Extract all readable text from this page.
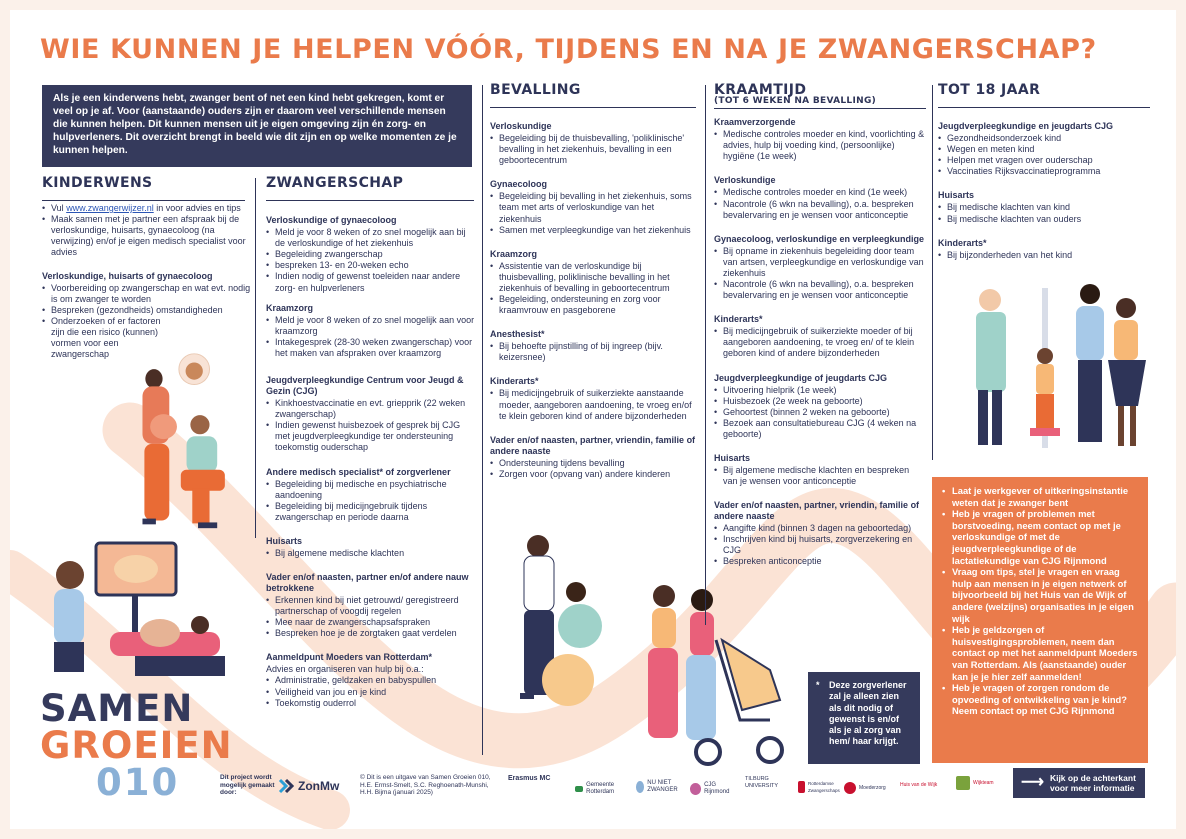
WIE KUNNEN JE HELPEN VÓÓR, TIJDENS EN NA JE ZWANGERSCHAP?
Als je een kinderwens hebt, zwanger bent of net een kind hebt gekregen, komt er veel op je af. Voor (aanstaande) ouders zijn er daarom veel verschillende mensen die kunnen helpen. Dit kunnen mensen uit je eigen omgeving zijn én zorg- en hulpverleners. Dit overzicht brengt in beeld wie dit zijn en op welke momenten ze je kunnen helpen.
KINDERWENS
• Vul www.zwangerwijzer.nl in voor advies en tips
• Maak samen met je partner een afspraak bij de verloskundige, huisarts, gynaecoloog (na verwijzing) en/of je eigen medisch specialist voor advies
Verloskundige, huisarts of gynaecoloog
• Voorbereiding op zwangerschap en wat evt. nodig is om zwanger te worden
• Bespreken (gezondheids) omstandigheden
• Onderzoeken of er factoren zijn die een risico (kunnen) vormen voor een zwangerschap
SAMEN
GROEIEN
010
ZWANGERSCHAP
Verloskundige of gynaecoloog
• Meld je voor 8 weken of zo snel mogelijk aan bij de verloskundige of het ziekenhuis
• Begeleiding zwangerschap
• bespreken 13- en 20-weken echo
• Indien nodig of gewenst toeleiden naar andere zorg- en hulpverleners
Kraamzorg
• Meld je voor 8 weken of zo snel mogelijk aan voor kraamzorg
• Intakegesprek (28-30 weken zwangerschap) voor het maken van afspraken over kraamzorg
Jeugdverpleegkundige Centrum voor Jeugd & Gezin (CJG)
• Kinkhoestvaccinatie en evt. griepprik (22 weken zwangerschap)
• Indien gewenst huisbezoek of gesprek bij CJG met jeugdverpleegkundige ter ondersteuning toekomstig ouderschap
Andere medisch specialist* of zorgverlener
• Begeleiding bij medische en psychiatrische aandoening
• Begeleiding bij medicijngebruik tijdens zwangerschap en periode daarna
Huisarts
• Bij algemene medische klachten
Vader en/of naasten, partner en/of andere nauw betrokkene
• Erkennen kind bij niet getrouwd/ geregistreerd partnerschap of voogdij regelen
• Mee naar de zwangerschapsafspraken
• Bespreken hoe je de zorgtaken gaat verdelen
Aanmeldpunt Moeders van Rotterdam*

Advies en organiseren van hulp bij o.a.:

• Administratie, geldzaken en babyspullen
• Veiligheid van jou en je kind
• Toekomstig ouderrol
BEVALLING
Verloskundige
• Begeleiding bij de thuisbevalling, 'poliklinische' bevalling in het ziekenhuis, bevalling in een geboortecentrum
Gynaecoloog
• Begeleiding bij bevalling in het ziekenhuis, soms team met arts of verloskundige van het ziekenhuis
• Samen met verpleegkundige van het ziekenhuis
Kraamzorg
• Assistentie van de verloskundige bij thuisbevalling, poliklinische bevalling in het ziekenhuis of bevalling in geboortecentrum
• Begeleiding, ondersteuning en zorg voor kraamvrouw en pasgeborene
Anesthesist*
• Bij behoefte pijnstilling of bij ingreep (bijv. keizersnee)
Kinderarts*
• Bij medicijngebruik of suikerziekte aanstaande moeder, aangeboren aandoening, te vroeg en/of te klein geboren kind of andere bijzonderheden
Vader en/of naasten, partner, vriendin, familie of andere naaste
• Ondersteuning tijdens bevalling
• Zorgen voor (opvang van) andere kinderen
KRAAMTIJD
(TOT 6 WEKEN NA BEVALLING)
Kraamverzorgende
• Medische controles moeder en kind, voorlichting & advies, hulp bij voeding kind, (persoonlijke) hygiëne (1e week)
Verloskundige
• Medische controles moeder en kind (1e week)
• Nacontrole (6 wkn na bevalling), o.a. bespreken bevalervaring en je wensen voor anticonceptie
Gynaecoloog, verloskundige en verpleegkundige
• Bij opname in ziekenhuis begeleiding door team van artsen, verpleegkundige en verloskundige van ziekenhuis
• Nacontrole (6 wkn na bevalling), o.a. bespreken bevalervaring en je wensen voor anticonceptie
Kinderarts*
• Bij medicijngebruik of suikerziekte moeder of bij aangeboren aandoening, te vroeg en/ of te klein geboren kind of andere bijzonderheden
Jeugdverpleegkundige of jeugdarts CJG
• Uitvoering hielprik (1e week)
• Huisbezoek (2e week na geboorte)
• Gehoortest (binnen 2 weken na geboorte)
• Bezoek aan consultatiebureau CJG (4 weken na geboorte)
Huisarts
• Bij algemene medische klachten en bespreken van je wensen voor anticonceptie
Vader en/of naasten, partner, vriendin, familie of andere naaste
• Aangifte kind (binnen 3 dagen na geboortedag)
• Inschrijven kind bij huisarts, zorgverzekering en CJG
• Bespreken anticonceptie
TOT 18 JAAR
Jeugdverpleegkundige en jeugdarts CJG
• Gezondheidsonderzoek kind
• Wegen en meten kind
• Helpen met vragen over ouderschap
• Vaccinaties Rijksvaccinatieprogramma
Huisarts
• Bij medische klachten van kind
• Bij medische klachten van ouders
Kinderarts*
• Bij bijzonderheden van het kind
• Laat je werkgever of uitkeringsinstantie weten dat je zwanger bent
• Heb je vragen of problemen met borstvoeding, neem contact op met je verloskundige of met de jeugdverpleegkundige of de lactatiekundige van CJG Rijnmond
• Vraag om tips, stel je vragen en vraag hulp aan mensen in je eigen netwerk of bijvoorbeeld bij het Huis van de Wijk of andere (welzijns) organisaties in je eigen wijk
• Heb je geldzorgen of huisvestigingsproblemen, neem dan contact op met het aanmeldpunt Moeders van Rotterdam. Als (aanstaande) ouder kan je je hier zelf aanmelden!
• Heb je vragen of zorgen rondom de opvoeding of ontwikkeling van je kind? Neem contact op met CJG Rijnmond
* Deze zorgverlener zal je alleen zien als dit nodig of gewenst is en/of als je al zorg van hem/ haar krijgt.
Dit project wordt mogelijk gemaakt door:	ZonMw
© Dit is een uitgave van Samen Groeien 010, H.E. Ermst-Smelt, S.C. Reghoenath-Munshi, H.H. Bijma (januari 2025)
Erasmus MC
Gemeente Rotterdam
NU NIET ZWANGER
CJG Rijnmond
TILBURG UNIVERSITY	Rotterdamse Zwangerschaps	Moederzorg	Huis van de Wijk	Wijkteam ⟶ Kijk op de achterkant voor meer informatie
